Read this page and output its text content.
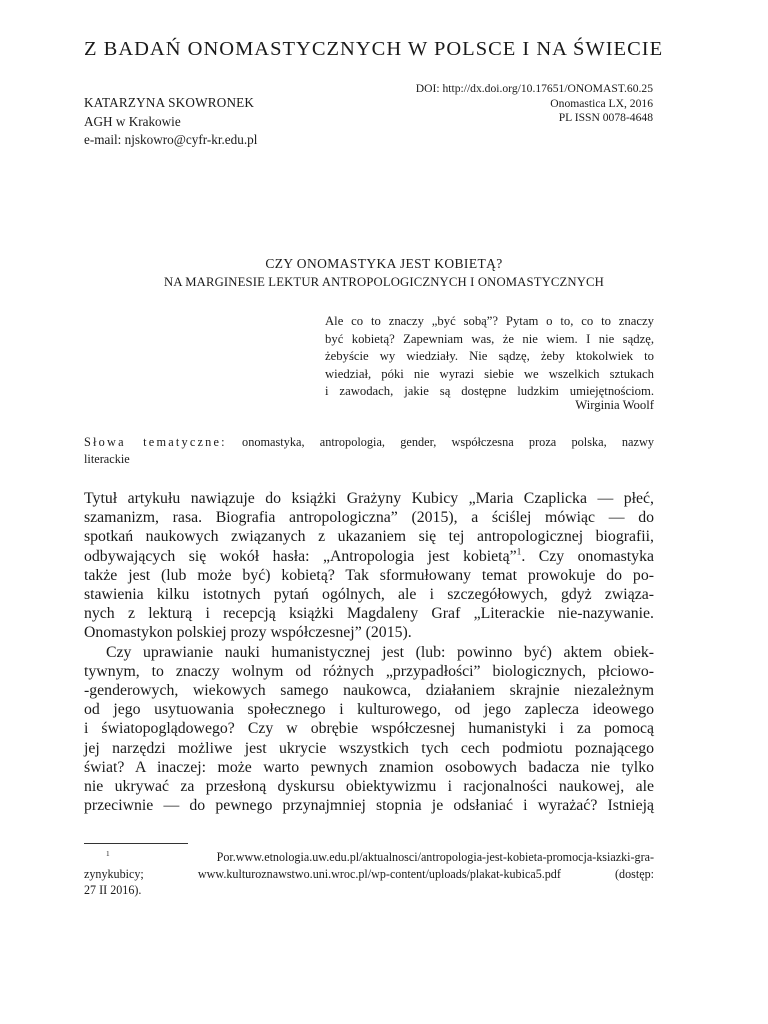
Z BADAŃ ONOMASTYCZNYCH W POLSCE I NA ŚWIECIE
KATARZYNA SKOWRONEK
AGH w Krakowie
e-mail: njskowro@cyfr-kr.edu.pl
DOI: http://dx.doi.org/10.17651/ONOMAST.60.25
Onomastica LX, 2016
PL ISSN 0078-4648
CZY ONOMASTYKA JEST KOBIETĄ?
NA MARGINESIE LEKTUR ANTROPOLOGICZNYCH I ONOMASTYCZNYCH
Ale co to znaczy „być sobą”? Pytam o to, co to znaczy
być kobietą? Zapewniam was, że nie wiem. I nie sądzę,
żebyście wy wiedziały. Nie sądzę, żeby ktokolwiek to
wiedział, póki nie wyrazi siebie we wszelkich sztukach
i zawodach, jakie są dostępne ludzkim umiejętnościom.
Wirginia Woolf
Słowa tematyczne: onomastyka, antropologia, gender, współczesna proza polska, nazwy
literackie
Tytuł artykułu nawiązuje do książki Grażyny Kubicy „Maria Czaplicka — płeć,
szamanizm, rasa. Biografia antropologiczna” (2015), a ściślej mówiąc — do
spotkań naukowych związanych z ukazaniem się tej antropologicznej biografii,
odbywających się wokół hasła: „Antropologia jest kobietą”$^1$. Czy onomastyka
także jest (lub może być) kobietą? Tak sformułowany temat prowokuje do po-
stawienia kilku istotnych pytań ogólnych, ale i szczegółowych, gdyż związa-
nych z lekturą i recepcją książki Magdaleny Graf „Literackie nie-nazywanie.
Onomastykon polskiej prozy współczesnej” (2015).
Czy uprawianie nauki humanistycznej jest (lub: powinno być) aktem obiek-
tywnym, to znaczy wolnym od różnych „przypadłości” biologicznych, płciowo-
-genderowych, wiekowych samego naukowca, działaniem skrajnie niezależnym
od jego usytuowania społecznego i kulturowego, od jego zaplecza ideowego
i światopoglądowego? Czy w obrębie współczesnej humanistyki i za pomocą
jej narzędzi możliwe jest ukrycie wszystkich tych cech podmiotu poznającego
świat? A inaczej: może warto pewnych znamion osobowych badacza nie tylko
nie ukrywać za przesłoną dyskursu obiektywizmu i racjonalności naukowej, ale
przeciwnie — do pewnego przynajmniej stopnia je odsłaniać i wyrażać? Istnieją
$^1$	Por.www.etnologia.uw.edu.pl/aktualnosci/antropologia-jest-kobieta-promocja-ksiazki-gra-
zynykubicy; www.kulturoznawstwo.uni.wroc.pl/wp-content/uploads/plakat-kubica5.pdf (dostęp:
27 II 2016).
